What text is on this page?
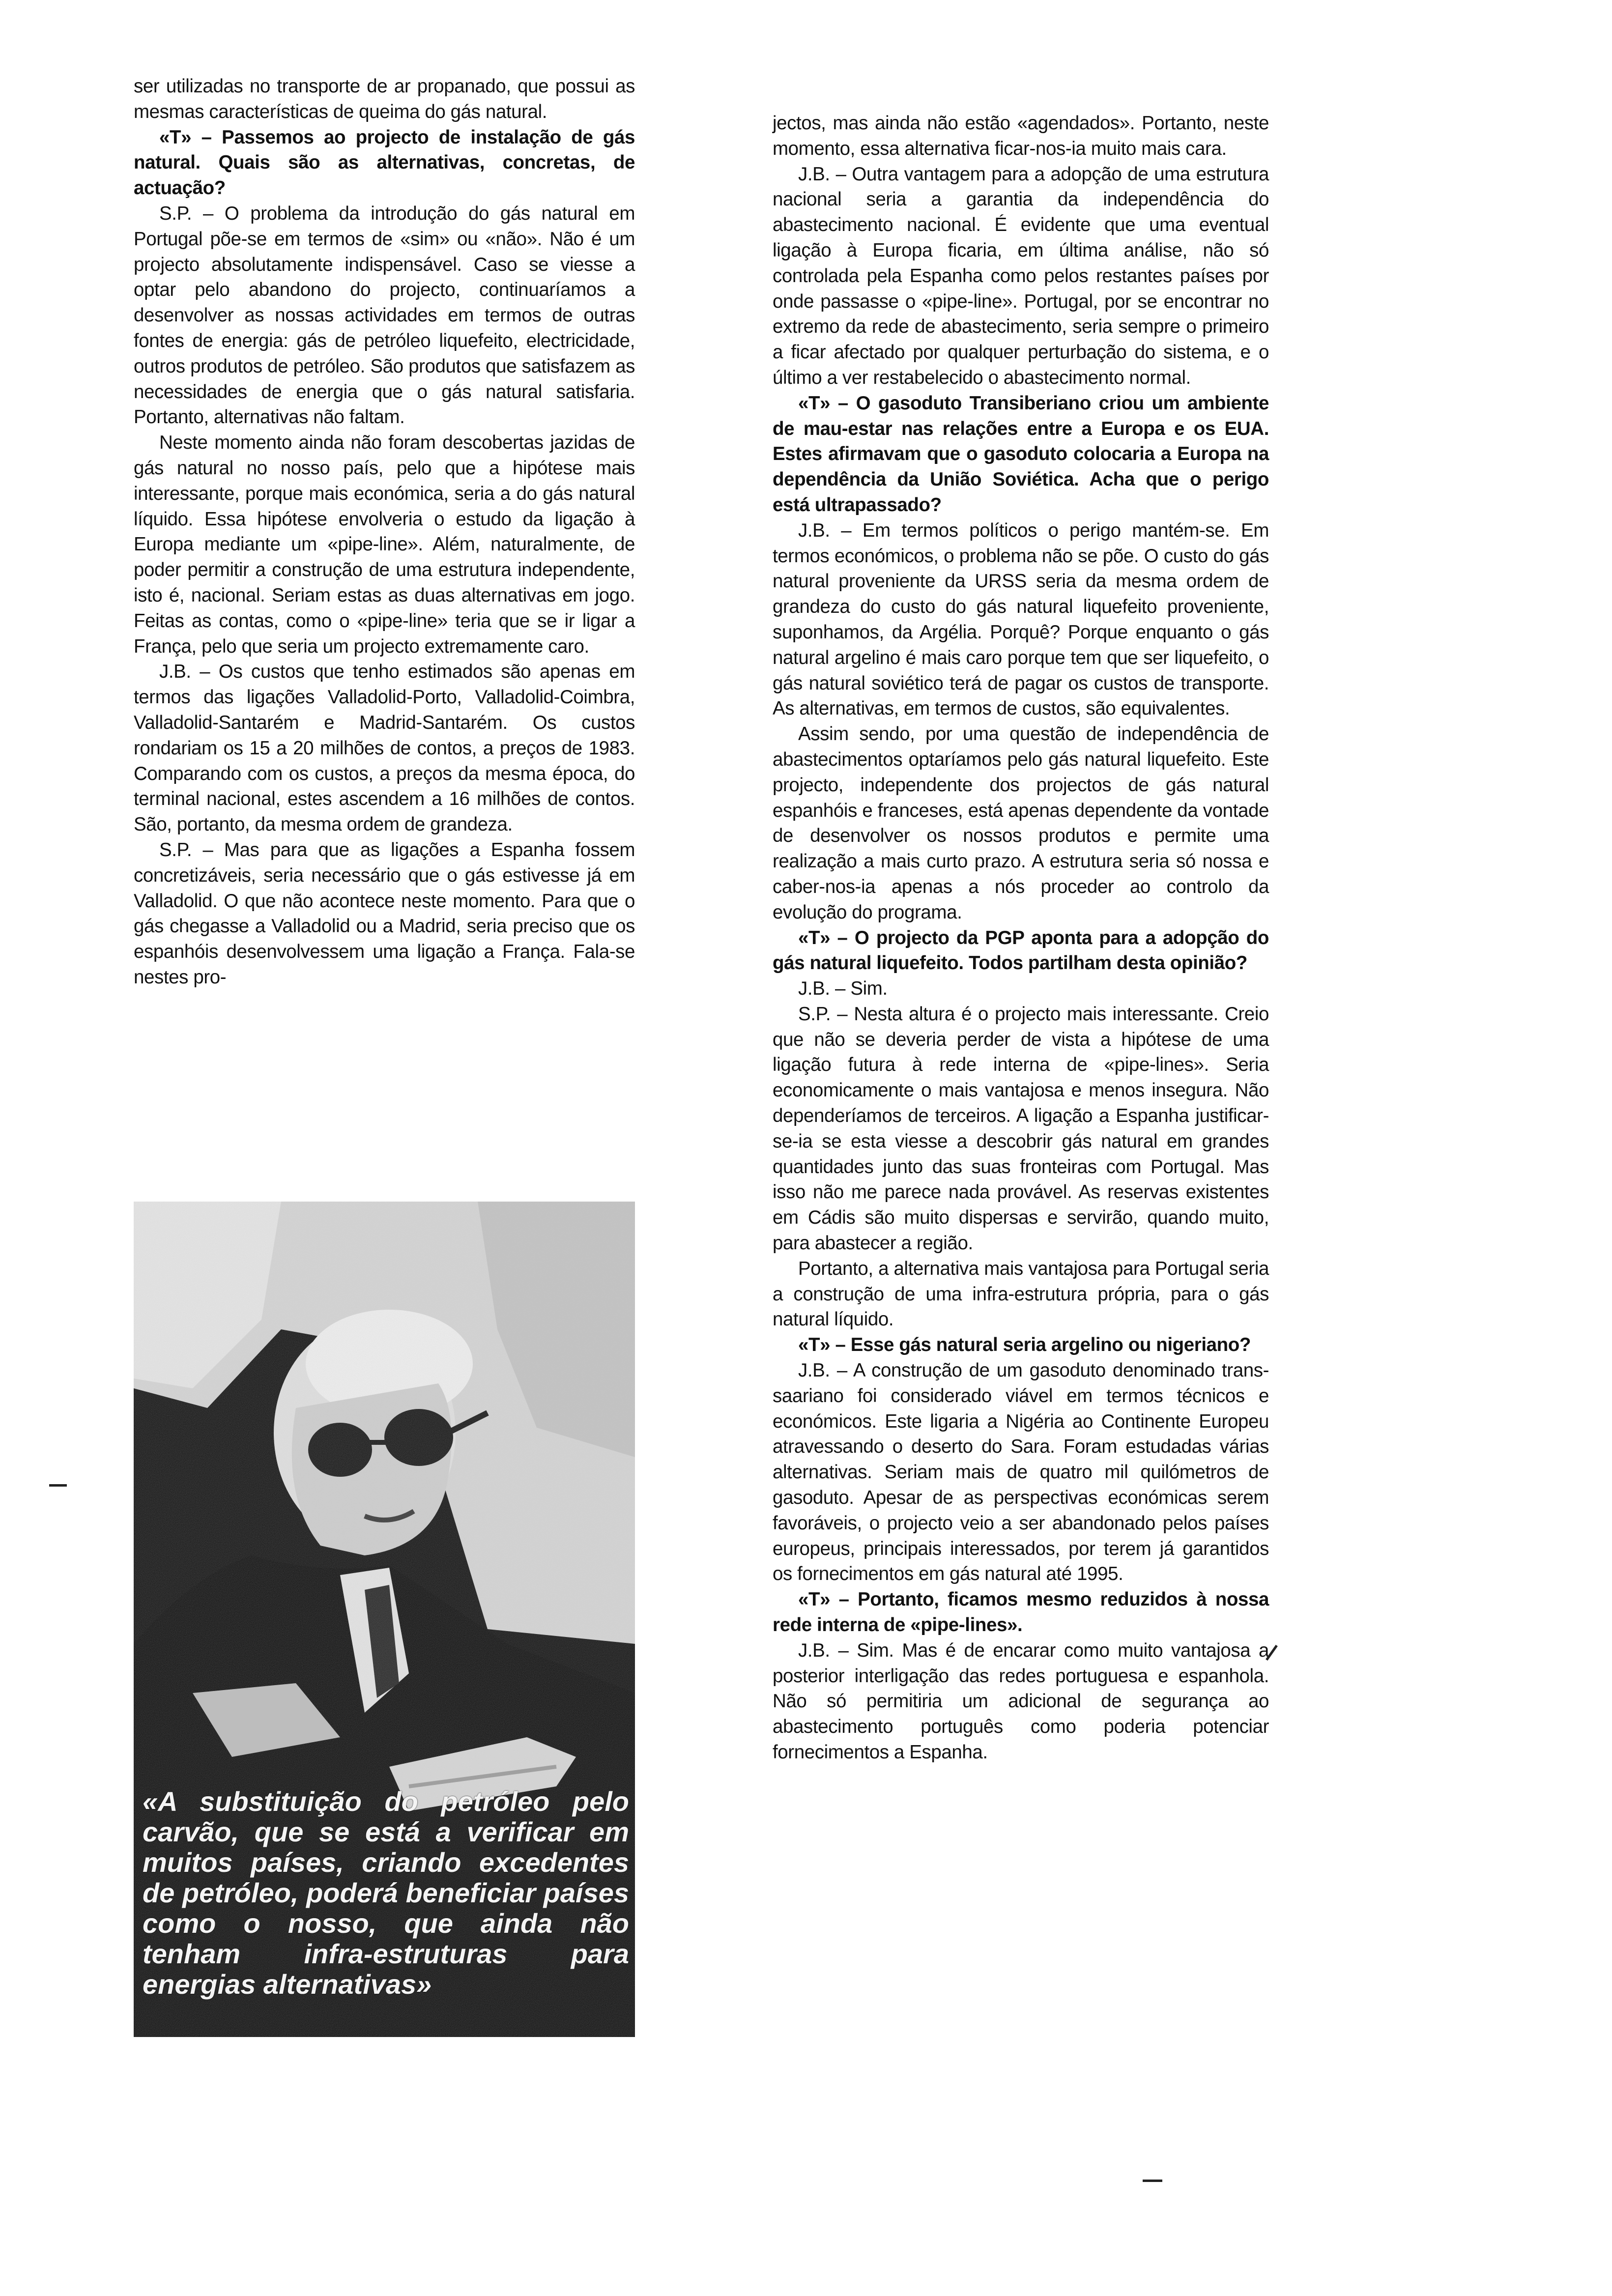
ser utilizadas no transporte de ar propanado, que possui as mesmas características de queima do gás natural.

«T» – Passemos ao projecto de instalação de gás natural. Quais são as alternativas, concretas, de actuação?

S.P. – O problema da introdução do gás natural em Portugal põe-se em termos de «sim» ou «não». Não é um projecto absolutamente indispensável. Caso se viesse a optar pelo abandono do projecto, continuaríamos a desenvolver as nossas actividades em termos de outras fontes de energia: gás de petróleo liquefeito, electricidade, outros produtos de petróleo. São produtos que satisfazem as necessidades de energia que o gás natural satisfaria. Portanto, alternativas não faltam.

Neste momento ainda não foram descobertas jazidas de gás natural no nosso país, pelo que a hipótese mais interessante, porque mais económica, seria a do gás natural líquido. Essa hipótese envolveria o estudo da ligação à Europa mediante um «pipe-line». Além, naturalmente, de poder permitir a construção de uma estrutura independente, isto é, nacional. Seriam estas as duas alternativas em jogo. Feitas as contas, como o «pipe-line» teria que se ir ligar a França, pelo que seria um projecto extremamente caro.

J.B. – Os custos que tenho estimados são apenas em termos das ligações Valladolid-Porto, Valladolid-Coimbra, Valladolid-Santarém e Madrid-Santarém. Os custos rondariam os 15 a 20 milhões de contos, a preços de 1983. Comparando com os custos, a preços da mesma época, do terminal nacional, estes ascendem a 16 milhões de contos. São, portanto, da mesma ordem de grandeza.

S.P. – Mas para que as ligações a Espanha fossem concretizáveis, seria necessário que o gás estivesse já em Valladolid. O que não acontece neste momento. Para que o gás chegasse a Valladolid ou a Madrid, seria preciso que os espanhóis desenvolvessem uma ligação a França. Fala-se nestes pro-

«A substituição do petróleo pelo carvão, que se está a verificar em muitos países, criando excedentes de petróleo, poderá beneficiar países como o nosso, que ainda não tenham infra-estruturas para energias alternativas»

jectos, mas ainda não estão «agendados». Portanto, neste momento, essa alternativa ficar-nos-ia muito mais cara.

J.B. – Outra vantagem para a adopção de uma estrutura nacional seria a garantia da independência do abastecimento nacional. É evidente que uma eventual ligação à Europa ficaria, em última análise, não só controlada pela Espanha como pelos restantes países por onde passasse o «pipe-line». Portugal, por se encontrar no extremo da rede de abastecimento, seria sempre o primeiro a ficar afectado por qualquer perturbação do sistema, e o último a ver restabelecido o abastecimento normal.

«T» – O gasoduto Transiberiano criou um ambiente de mau-estar nas relações entre a Europa e os EUA. Estes afirmavam que o gasoduto colocaria a Europa na dependência da União Soviética. Acha que o perigo está ultrapassado?

J.B. – Em termos políticos o perigo mantém-se. Em termos económicos, o problema não se põe. O custo do gás natural proveniente da URSS seria da mesma ordem de grandeza do custo do gás natural liquefeito proveniente, suponhamos, da Argélia. Porquê? Porque enquanto o gás natural argelino é mais caro porque tem que ser liquefeito, o gás natural soviético terá de pagar os custos de transporte. As alternativas, em termos de custos, são equivalentes.

Assim sendo, por uma questão de independência de abastecimentos optaríamos pelo gás natural liquefeito. Este projecto, independente dos projectos de gás natural espanhóis e franceses, está apenas dependente da vontade de desenvolver os nossos produtos e permite uma realização a mais curto prazo. A estrutura seria só nossa e caber-nos-ia apenas a nós proceder ao controlo da evolução do programa.

«T» – O projecto da PGP aponta para a adopção do gás natural liquefeito. Todos partilham desta opinião?

J.B. – Sim.

S.P. – Nesta altura é o projecto mais interessante. Creio que não se deveria perder de vista a hipótese de uma ligação futura à rede interna de «pipe-lines». Seria economicamente o mais vantajosa e menos insegura. Não dependeríamos de terceiros. A ligação a Espanha justificar-se-ia se esta viesse a descobrir gás natural em grandes quantidades junto das suas fronteiras com Portugal. Mas isso não me parece nada provável. As reservas existentes em Cádis são muito dispersas e servirão, quando muito, para abastecer a região.

Portanto, a alternativa mais vantajosa para Portugal seria a construção de uma infra-estrutura própria, para o gás natural líquido.

«T» – Esse gás natural seria argelino ou nigeriano?

J.B. – A construção de um gasoduto denominado trans-saariano foi considerado viável em termos técnicos e económicos. Este ligaria a Nigéria ao Continente Europeu atravessando o deserto do Sara. Foram estudadas várias alternativas. Seriam mais de quatro mil quilómetros de gasoduto. Apesar de as perspectivas económicas serem favoráveis, o projecto veio a ser abandonado pelos países europeus, principais interessados, por terem já garantidos os fornecimentos em gás natural até 1995.

«T» – Portanto, ficamos mesmo reduzidos à nossa rede interna de «pipe-lines».

J.B. – Sim. Mas é de encarar como muito vantajosa a posterior interligação das redes portuguesa e espanhola. Não só permitiria um adicional de segurança ao abastecimento português como poderia potenciar fornecimentos a Espanha.
